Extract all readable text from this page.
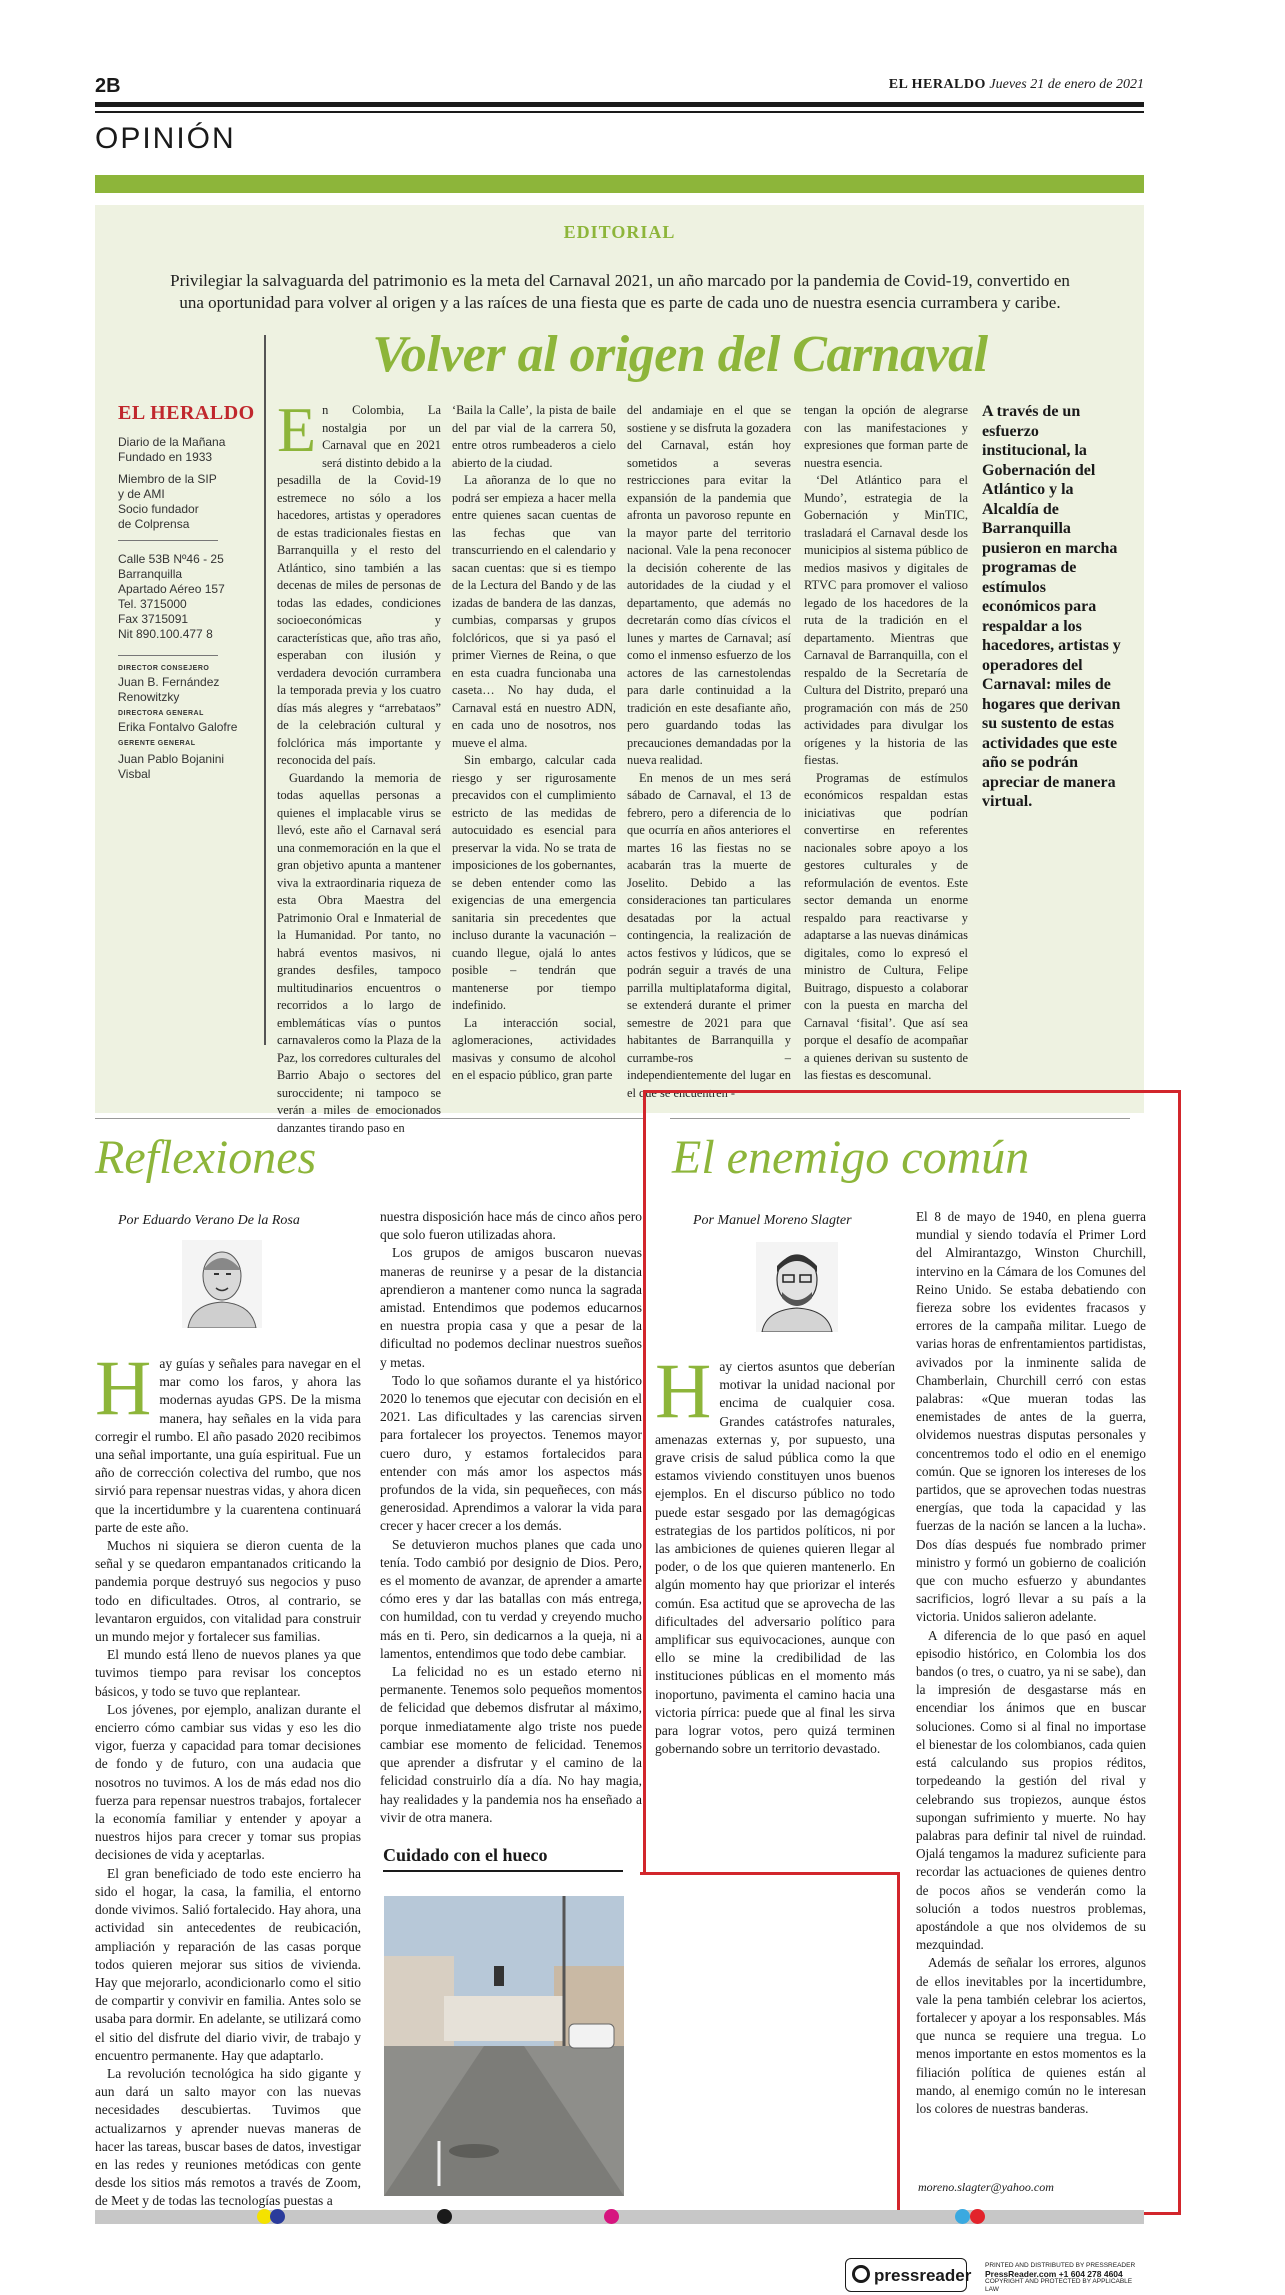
2B	EL HERALDO Jueves 21 de enero de 2021
OPINIÓN
EDITORIAL
Privilegiar la salvaguarda del patrimonio es la meta del Carnaval 2021, un año marcado por la pandemia de Covid-19, convertido en una oportunidad para volver al origen y a las raíces de una fiesta que es parte de cada uno de nuestra esencia currambera y caribe.
Volver al origen del Carnaval
EL HERALDO
Diario de la Mañana
Fundado en 1933
Miembro de la SIP
y de AMI
Socio fundador
de Colprensa
Calle 53B Nº46 - 25
Barranquilla
Apartado Aéreo 157
Tel. 3715000
Fax 3715091
Nit 890.100.477 8
DIRECTOR CONSEJERO
Juan B. Fernández Renowitzky
DIRECTORA GENERAL
Erika Fontalvo Galofre
GERENTE GENERAL
Juan Pablo Bojanini Visbal

En Colombia, La nostalgia por un Carnaval que en 2021 será distinto debido a la pesadilla de la Covid-19 estremece no sólo a los hacedores, artistas y operadores de estas tradicionales fiestas en Barranquilla y el resto del Atlántico, sino también a las decenas de miles de personas de todas las edades, condiciones socioeconómicas y características que, año tras año, esperaban con ilusión y verdadera devoción currambera la temporada previa y los cuatro días más alegres y “arrebataos” de la celebración cultural y folclórica más importante y reconocida del país.

Guardando la memoria de todas aquellas personas a quienes el implacable virus se llevó, este año el Carnaval será una conmemoración en la que el gran objetivo apunta a mantener viva la extraordinaria riqueza de esta Obra Maestra del Patrimonio Oral e Inmaterial de la Humanidad. Por tanto, no habrá eventos masivos, ni grandes desfiles, tampoco multitudinarios encuentros o recorridos a lo largo de emblemáticas vías o puntos carnavaleros como la Plaza de la Paz, los corredores culturales del Barrio Abajo o sectores del suroccidente; ni tampoco se verán a miles de emocionados danzantes tirando paso en

‘Baila la Calle’, la pista de baile del par vial de la carrera 50, entre otros rumbeaderos a cielo abierto de la ciudad.

La añoranza de lo que no podrá ser empieza a hacer mella entre quienes sacan cuentas de las fechas que van transcurriendo en el calendario y sacan cuentas: que si es tiempo de la Lectura del Bando y de las izadas de bandera de las danzas, cumbias, comparsas y grupos folclóricos, que si ya pasó el primer Viernes de Reina, o que en esta cuadra funcionaba una caseta… No hay duda, el Carnaval está en nuestro ADN, en cada uno de nosotros, nos mueve el alma.

Sin embargo, calcular cada riesgo y ser rigurosamente precavidos con el cumplimiento estricto de las medidas de autocuidado es esencial para preservar la vida. No se trata de imposiciones de los gobernantes, se deben entender como las exigencias de una emergencia sanitaria sin precedentes que incluso durante la vacunación – cuando llegue, ojalá lo antes posible – tendrán que mantenerse por tiempo indefinido.

La interacción social, aglomeraciones, actividades masivas y consumo de alcohol en el espacio público, gran parte

del andamiaje en el que se sostiene y se disfruta la gozadera del Carnaval, están hoy sometidos a severas restricciones para evitar la expansión de la pandemia que afronta un pavoroso repunte en la mayor parte del territorio nacional. Vale la pena reconocer la decisión coherente de las autoridades de la ciudad y el departamento, que además no decretarán como días cívicos el lunes y martes de Carnaval; así como el inmenso esfuerzo de los actores de las carnestolendas para darle continuidad a la tradición en este desafiante año, pero guardando todas las precauciones demandadas por la nueva realidad.

En menos de un mes será sábado de Carnaval, el 13 de febrero, pero a diferencia de lo que ocurría en años anteriores el martes 16 las fiestas no se acabarán tras la muerte de Joselito. Debido a las consideraciones tan particulares desatadas por la actual contingencia, la realización de actos festivos y lúdicos, que se podrán seguir a través de una parrilla multiplataforma digital, se extenderá durante el primer semestre de 2021 para que habitantes de Barranquilla y currambe-ros – independientemente del lugar en el que se encuentren -

tengan la opción de alegrarse con las manifestaciones y expresiones que forman parte de nuestra esencia.

‘Del Atlántico para el Mundo’, estrategia de la Gobernación y MinTIC, trasladará el Carnaval desde los municipios al sistema público de medios masivos y digitales de RTVC para promover el valioso legado de los hacedores de la ruta de la tradición en el departamento. Mientras que Carnaval de Barranquilla, con el respaldo de la Secretaría de Cultura del Distrito, preparó una programación con más de 250 actividades para divulgar los orígenes y la historia de las fiestas.

Programas de estímulos económicos respaldan estas iniciativas que podrían convertirse en referentes nacionales sobre apoyo a los gestores culturales y de reformulación de eventos. Este sector demanda un enorme respaldo para reactivarse y adaptarse a las nuevas dinámicas digitales, como lo expresó el ministro de Cultura, Felipe Buitrago, dispuesto a colaborar con la puesta en marcha del Carnaval ‘fisital’. Que así sea porque el desafío de acompañar a quienes derivan su sustento de las fiestas es descomunal.

A través de un esfuerzo institucional, la Gobernación del Atlántico y la Alcaldía de Barranquilla pusieron en marcha programas de estímulos económicos para respaldar a los hacedores, artistas y operadores del Carnaval: miles de hogares que derivan su sustento de estas actividades que este año se podrán apreciar de manera virtual.
Reflexiones
Por Eduardo Verano De la Rosa

Hay guías y señales para navegar en el mar como los faros, y ahora las modernas ayudas GPS. De la misma manera, hay señales en la vida para corregir el rumbo. El año pasado 2020 recibimos una señal importante, una guía espiritual. Fue un año de corrección colectiva del rumbo, que nos sirvió para repensar nuestras vidas, y ahora dicen que la incertidumbre y la cuarentena continuará parte de este año.

Muchos ni siquiera se dieron cuenta de la señal y se quedaron empantanados criticando la pandemia porque destruyó sus negocios y puso todo en dificultades. Otros, al contrario, se levantaron erguidos, con vitalidad para construir un mundo mejor y fortalecer sus familias.

El mundo está lleno de nuevos planes ya que tuvimos tiempo para revisar los conceptos básicos, y todo se tuvo que replantear.

Los jóvenes, por ejemplo, analizan durante el encierro cómo cambiar sus vidas y eso les dio vigor, fuerza y capacidad para tomar decisiones de fondo y de futuro, con una audacia que nosotros no tuvimos. A los de más edad nos dio fuerza para repensar nuestros trabajos, fortalecer la economía familiar y entender y apoyar a nuestros hijos para crecer y tomar sus propias decisiones de vida y aceptarlas.

El gran beneficiado de todo este encierro ha sido el hogar, la casa, la familia, el entorno donde vivimos. Salió fortalecido. Hay ahora, una actividad sin antecedentes de reubicación, ampliación y reparación de las casas porque todos quieren mejorar sus sitios de vivienda. Hay que mejorarlo, acondicionarlo como el sitio de compartir y convivir en familia. Antes solo se usaba para dormir. En adelante, se utilizará como el sitio del disfrute del diario vivir, de trabajo y encuentro permanente. Hay que adaptarlo.

La revolución tecnológica ha sido gigante y aun dará un salto mayor con las nuevas necesidades descubiertas. Tuvimos que actualizarnos y aprender nuevas maneras de hacer las tareas, buscar bases de datos, investigar en las redes y reuniones metódicas con gente desde los sitios más remotos a través de Zoom, de Meet y de todas las tecnologías puestas a

nuestra disposición hace más de cinco años pero que solo fueron utilizadas ahora.

Los grupos de amigos buscaron nuevas maneras de reunirse y a pesar de la distancia aprendieron a mantener como nunca la sagrada amistad. Entendimos que podemos educarnos en nuestra propia casa y que a pesar de la dificultad no podemos declinar nuestros sueños y metas.

Todo lo que soñamos durante el ya histórico 2020 lo tenemos que ejecutar con decisión en el 2021. Las dificultades y las carencias sirven para fortalecer los proyectos. Tenemos mayor cuero duro, y estamos fortalecidos para entender con más amor los aspectos más profundos de la vida, sin pequeñeces, con más generosidad. Aprendimos a valorar la vida para crecer y hacer crecer a los demás.

Se detuvieron muchos planes que cada uno tenía. Todo cambió por designio de Dios. Pero, es el momento de avanzar, de aprender a amarte cómo eres y dar las batallas con más entrega, con humildad, con tu verdad y creyendo mucho más en ti. Pero, sin dedicarnos a la queja, ni a lamentos, entendimos que todo debe cambiar.

La felicidad no es un estado eterno ni permanente. Tenemos solo pequeños momentos de felicidad que debemos disfrutar al máximo, porque inmediatamente algo triste nos puede cambiar ese momento de felicidad. Tenemos que aprender a disfrutar y el camino de la felicidad construirlo día a día. No hay magia, hay realidades y la pandemia nos ha enseñado a vivir de otra manera.

Cuidado con el hueco
El enemigo común
Por Manuel Moreno Slagter

Hay ciertos asuntos que deberían motivar la unidad nacional por encima de cualquier cosa. Grandes catástrofes naturales, amenazas externas y, por supuesto, una grave crisis de salud pública como la que estamos viviendo constituyen unos buenos ejemplos. En el discurso público no todo puede estar sesgado por las demagógicas estrategias de los partidos políticos, ni por las ambiciones de quienes quieren llegar al poder, o de los que quieren mantenerlo. En algún momento hay que priorizar el interés común. Esa actitud que se aprovecha de las dificultades del adversario político para amplificar sus equivocaciones, aunque con ello se mine la credibilidad de las instituciones públicas en el momento más inoportuno, pavimenta el camino hacia una victoria pírrica: puede que al final les sirva para lograr votos, pero quizá terminen gobernando sobre un territorio devastado.

El 8 de mayo de 1940, en plena guerra mundial y siendo todavía el Primer Lord del Almirantazgo, Winston Churchill, intervino en la Cámara de los Comunes del Reino Unido. Se estaba debatiendo con fiereza sobre los evidentes fracasos y errores de la campaña militar. Luego de varias horas de enfrentamientos partidistas, avivados por la inminente salida de Chamberlain, Churchill cerró con estas palabras: «Que mueran todas las enemistades de antes de la guerra, olvidemos nuestras disputas personales y concentremos todo el odio en el enemigo común. Que se ignoren los intereses de los partidos, que se aprovechen todas nuestras energías, que toda la capacidad y las fuerzas de la nación se lancen a la lucha». Dos días después fue nombrado primer ministro y formó un gobierno de coalición que con mucho esfuerzo y abundantes sacrificios, logró llevar a su país a la victoria. Unidos salieron adelante.

A diferencia de lo que pasó en aquel episodio histórico, en Colombia los dos bandos (o tres, o cuatro, ya ni se sabe), dan la impresión de desgastarse más en encendiar los ánimos que en buscar soluciones. Como si al final no importase el bienestar de los colombianos, cada quien está calculando sus propios réditos, torpedeando la gestión del rival y celebrando sus tropiezos, aunque éstos supongan sufrimiento y muerte. No hay palabras para definir tal nivel de ruindad. Ojalá tengamos la madurez suficiente para recordar las actuaciones de quienes dentro de pocos años se venderán como la solución a todos nuestros problemas, apostándole a que nos olvidemos de su mezquindad.

Además de señalar los errores, algunos de ellos inevitables por la incertidumbre, vale la pena también celebrar los aciertos, fortalecer y apoyar a los responsables. Más que nunca se requiere una tregua. Lo menos importante en estos momentos es la filiación política de quienes están al mando, al enemigo común no le interesan los colores de nuestras banderas.

moreno.slagter@yahoo.com
pressreader
PRINTED AND DISTRIBUTED BY PRESSREADER
PressReader.com +1 604 278 4604
COPYRIGHT AND PROTECTED BY APPLICABLE LAW
